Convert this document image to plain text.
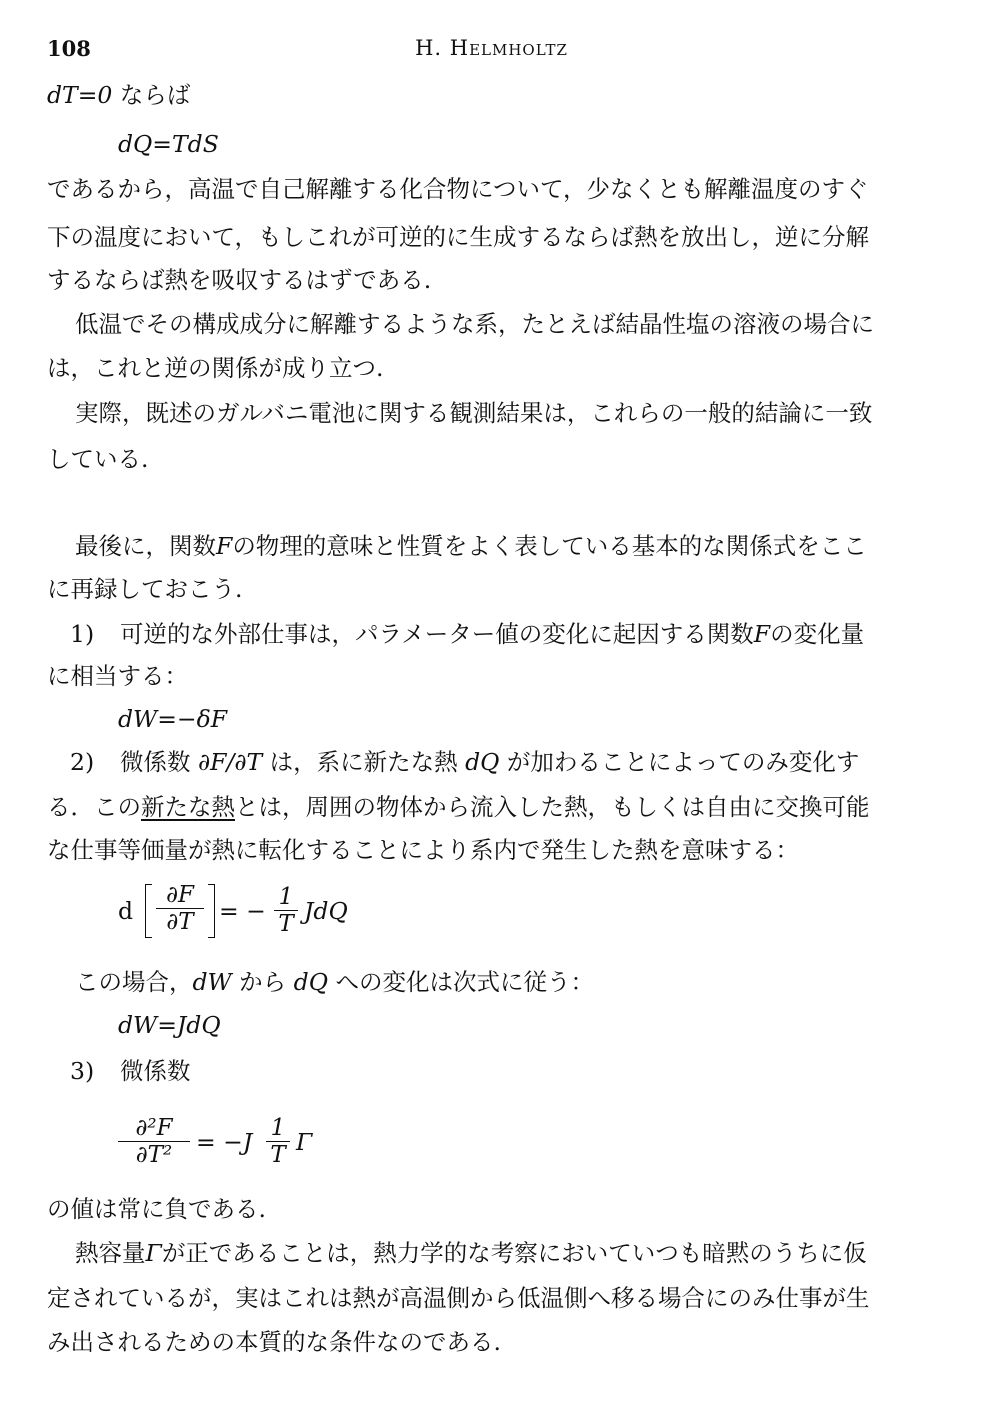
108	H. Helmholtz
dT=0 ならば
dQ=TdS
であるから，高温で自己解離する化合物について，少なくとも解離温度のすぐ
下の温度において，もしこれが可逆的に生成するならば熱を放出し，逆に分解
するならば熱を吸収するはずである.
低温でその構成成分に解離するような系，たとえば結晶性塩の溶液の場合に
は，これと逆の関係が成り立つ.
実際，既述のガルバニ電池に関する観測結果は，これらの一般的結論に一致
している.
最後に，関数Fの物理的意味と性質をよく表している基本的な関係式をここ
に再録しておこう.
1) 可逆的な外部仕事は，パラメーター値の変化に起因する関数Fの変化量
に相当する：
dW=−δF
2) 微係数 ∂F/∂T は，系に新たな熱 dQ が加わることによってのみ変化す
る．この新たな熱とは，周囲の物体から流入した熱，もしくは自由に交換可能
な仕事等価量が熱に転化することにより系内で発生した熱を意味する：
d $\frac{\partial F}{\partial T}$ = − $\frac{1}{T}$ JdQ
この場合，dW から dQ への変化は次式に従う：
dW=JdQ
3) 微係数
$\frac{\text{∂²F}}{\text{∂T²}} = -J \frac{1}{T}$ Γ
の値は常に負である.
熱容量Γが正であることは，熱力学的な考察においていつも暗黙のうちに仮
定されているが，実はこれは熱が高温側から低温側へ移る場合にのみ仕事が生
み出されるための本質的な条件なのである.
